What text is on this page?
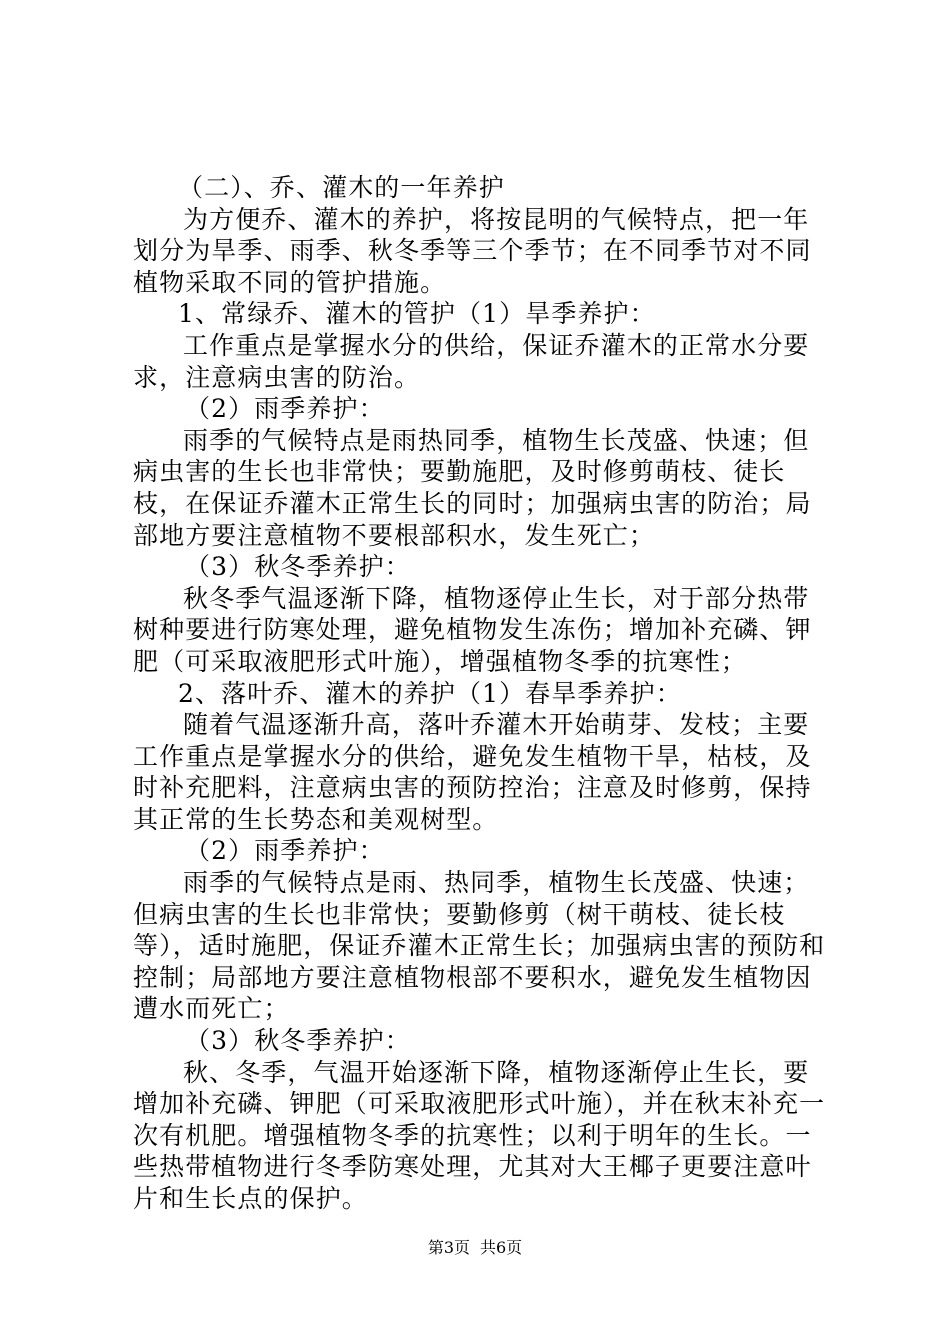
（二）、乔、灌木的一年养护

为方便乔、灌木的养护，将按昆明的气候特点，把一年划分为旱季、雨季、秋冬季等三个季节；在不同季节对不同植物采取不同的管护措施。

1、常绿乔、灌木的管护（1）旱季养护：

工作重点是掌握水分的供给，保证乔灌木的正常水分要求，注意病虫害的防治。

（2）雨季养护：

雨季的气候特点是雨热同季，植物生长茂盛、快速；但病虫害的生长也非常快；要勤施肥，及时修剪萌枝、徒长枝，在保证乔灌木正常生长的同时；加强病虫害的防治；局部地方要注意植物不要根部积水，发生死亡；

（3）秋冬季养护：

秋冬季气温逐渐下降，植物逐停止生长，对于部分热带树种要进行防寒处理，避免植物发生冻伤；增加补充磷、钾肥（可采取液肥形式叶施），增强植物冬季的抗寒性；

2、落叶乔、灌木的养护（1）春旱季养护：

随着气温逐渐升高，落叶乔灌木开始萌芽、发枝；主要工作重点是掌握水分的供给，避免发生植物干旱，枯枝，及时补充肥料，注意病虫害的预防控治；注意及时修剪，保持其正常的生长势态和美观树型。

（2）雨季养护：

雨季的气候特点是雨、热同季，植物生长茂盛、快速；但病虫害的生长也非常快；要勤修剪（树干萌枝、徒长枝等），适时施肥，保证乔灌木正常生长；加强病虫害的预防和控制；局部地方要注意植物根部不要积水，避免发生植物因遭水而死亡；

（3）秋冬季养护：

秋、冬季，气温开始逐渐下降，植物逐渐停止生长，要增加补充磷、钾肥（可采取液肥形式叶施），并在秋末补充一次有机肥。增强植物冬季的抗寒性；以利于明年的生长。一些热带植物进行冬季防寒处理，尤其对大王椰子更要注意叶片和生长点的保护。

第3页 共6页
